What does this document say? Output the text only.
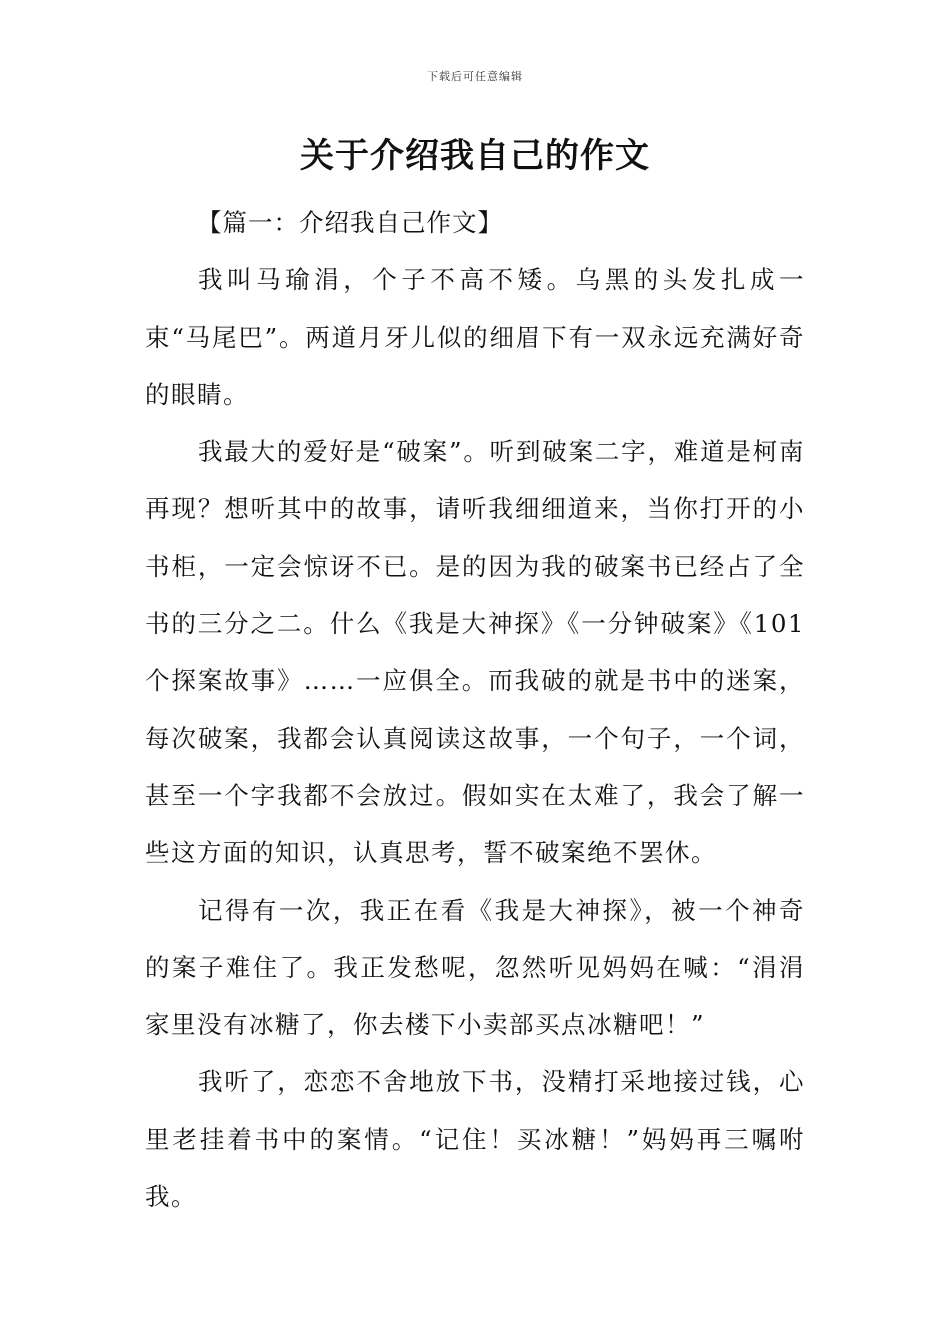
下载后可任意编辑
关于介绍我自己的作文

【篇一：介绍我自己作文】

我叫马瑜涓，个子不高不矮。乌黑的头发扎成一束“马尾巴”。两道月牙儿似的细眉下有一双永远充满好奇的眼睛。

我最大的爱好是“破案”。听到破案二字，难道是柯南再现？想听其中的故事，请听我细细道来，当你打开的小书柜，一定会惊讶不已。是的因为我的破案书已经占了全书的三分之二。什么《我是大神探》《一分钟破案》《101个探案故事》……一应俱全。而我破的就是书中的迷案，每次破案，我都会认真阅读这故事，一个句子，一个词，甚至一个字我都不会放过。假如实在太难了，我会了解一些这方面的知识，认真思考，誓不破案绝不罢休。

记得有一次，我正在看《我是大神探》，被一个神奇的案子难住了。我正发愁呢，忽然听见妈妈在喊：“涓涓家里没有冰糖了，你去楼下小卖部买点冰糖吧！”

我听了，恋恋不舍地放下书，没精打采地接过钱，心里老挂着书中的案情。“记住！买冰糖！”妈妈再三嘱咐我。
